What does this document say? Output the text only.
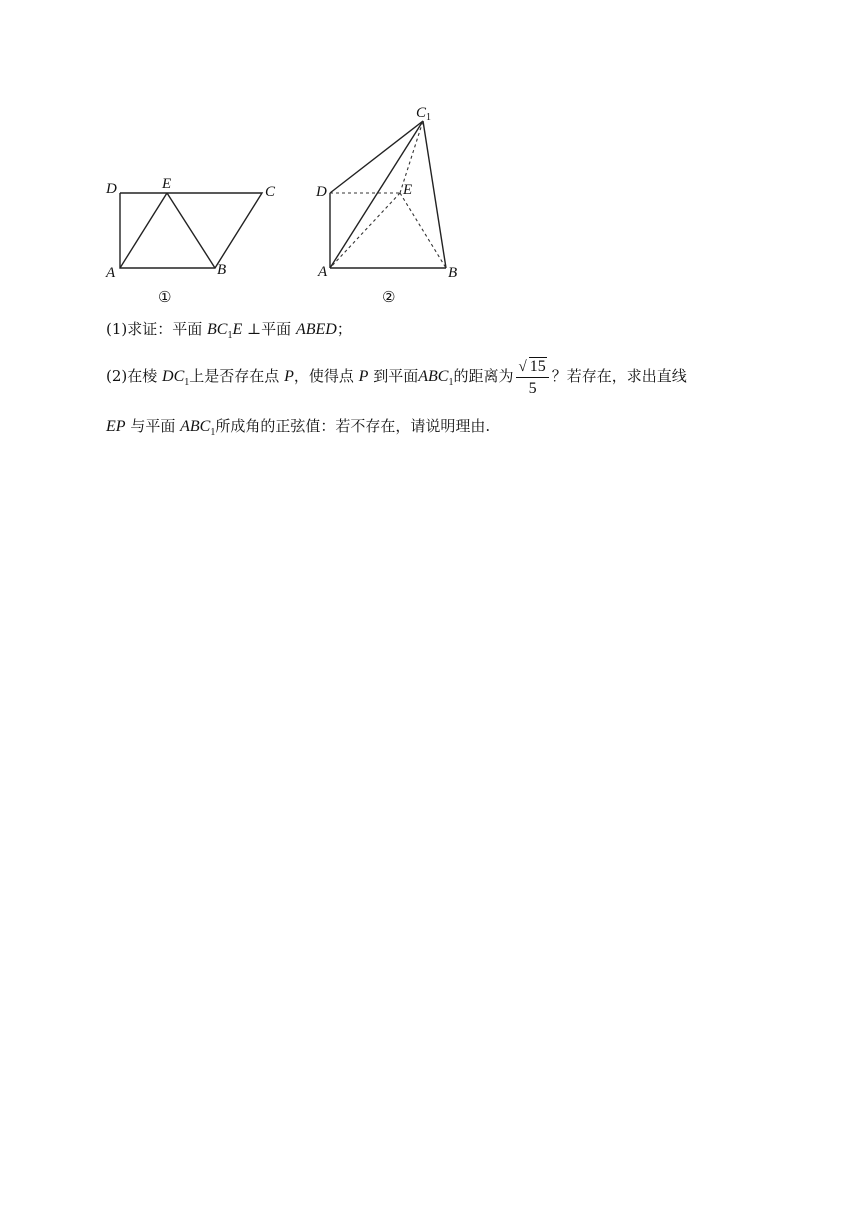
D	E	C
A	B
①
$C_1$
D	E
A	B
②
(1)求证：平面 $BC_1E$ ⊥平面 ABED；
(2)在棱 $DC_1$上是否存在点 P，使得点 P 到平面$ABC_1$的距离为 $\frac{√ 15}{5}$ ？若存在，求出直线
EP 与平面 $ABC_1$所成角的正弦值：若不存在，请说明理由.
